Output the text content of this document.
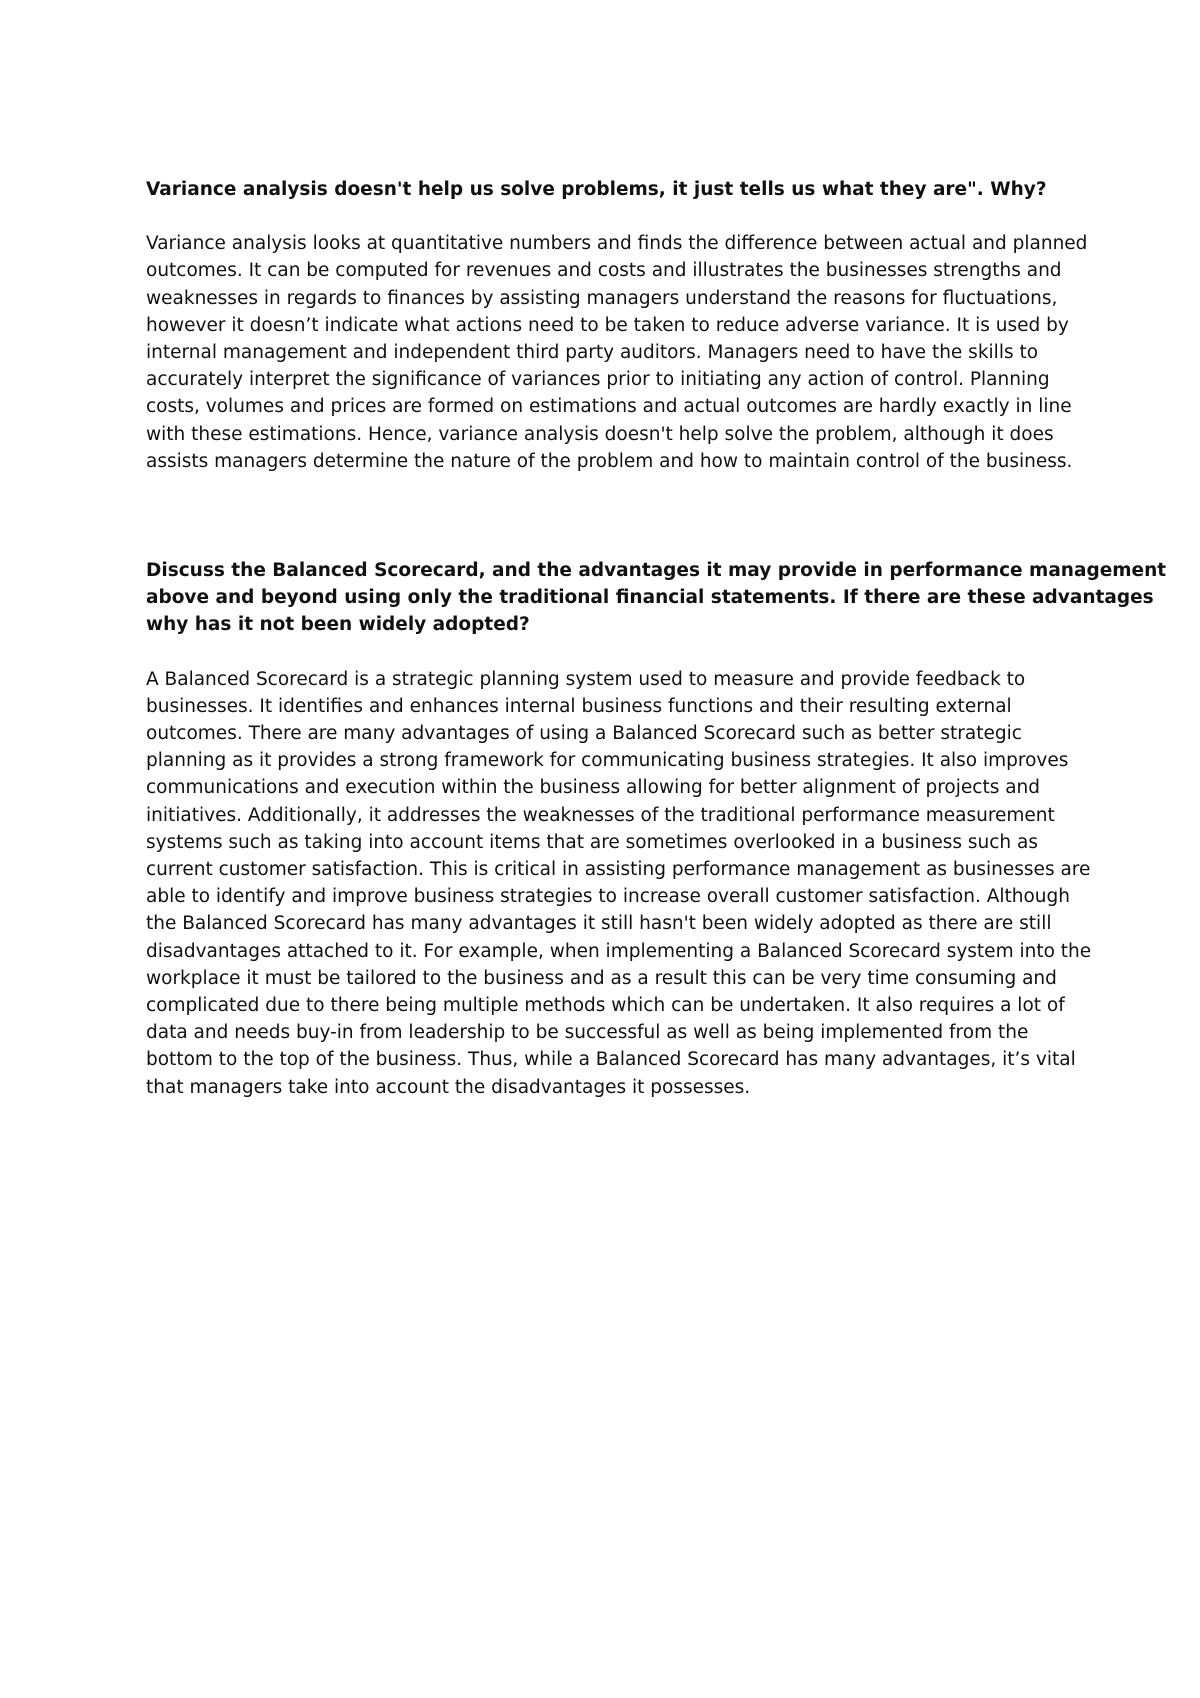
Variance analysis doesn't help us solve problems, it just tells us what they are". Why?
Variance analysis looks at quantitative numbers and finds the difference between actual and planned
outcomes. It can be computed for revenues and costs and illustrates the businesses strengths and
weaknesses in regards to finances by assisting managers understand the reasons for fluctuations,
however it doesn’t indicate what actions need to be taken to reduce adverse variance. It is used by
internal management and independent third party auditors. Managers need to have the skills to
accurately interpret the significance of variances prior to initiating any action of control. Planning
costs, volumes and prices are formed on estimations and actual outcomes are hardly exactly in line
with these estimations. Hence, variance analysis doesn't help solve the problem, although it does
assists managers determine the nature of the problem and how to maintain control of the business.
Discuss the Balanced Scorecard, and the advantages it may provide in performance management
above and beyond using only the traditional financial statements. If there are these advantages
why has it not been widely adopted?
A Balanced Scorecard is a strategic planning system used to measure and provide feedback to
businesses. It identifies and enhances internal business functions and their resulting external
outcomes. There are many advantages of using a Balanced Scorecard such as better strategic
planning as it provides a strong framework for communicating business strategies. It also improves
communications and execution within the business allowing for better alignment of projects and
initiatives. Additionally, it addresses the weaknesses of the traditional performance measurement
systems such as taking into account items that are sometimes overlooked in a business such as
current customer satisfaction. This is critical in assisting performance management as businesses are
able to identify and improve business strategies to increase overall customer satisfaction. Although
the Balanced Scorecard has many advantages it still hasn't been widely adopted as there are still
disadvantages attached to it. For example, when implementing a Balanced Scorecard system into the
workplace it must be tailored to the business and as a result this can be very time consuming and
complicated due to there being multiple methods which can be undertaken. It also requires a lot of
data and needs buy-in from leadership to be successful as well as being implemented from the
bottom to the top of the business. Thus, while a Balanced Scorecard has many advantages, it’s vital
that managers take into account the disadvantages it possesses.
